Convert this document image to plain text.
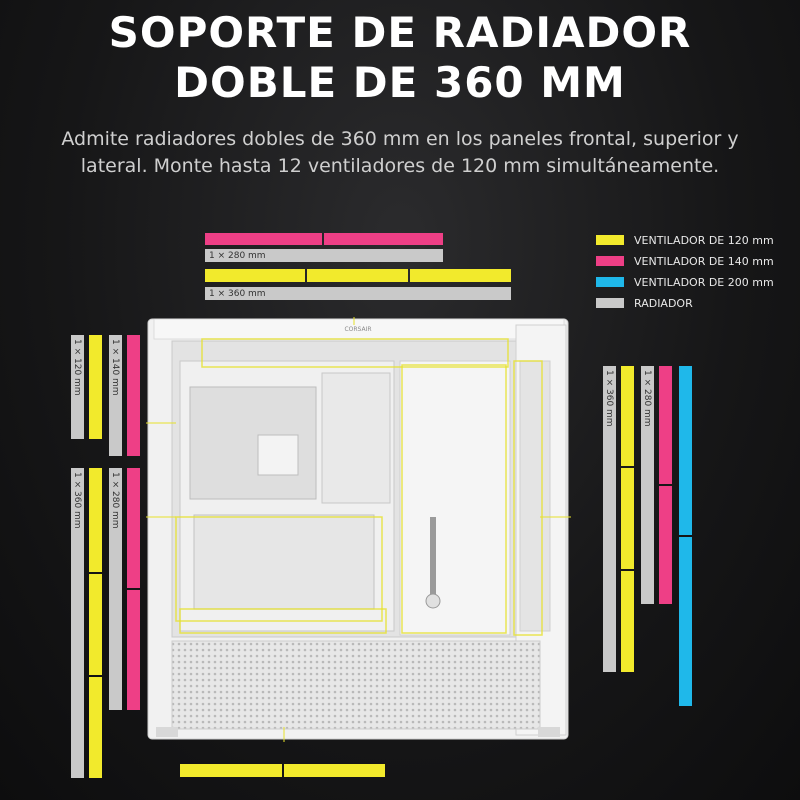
SOPORTE DE RADIADOR
DOBLE DE 360 MM
Admite radiadores dobles de 360 mm en los paneles frontal, superior y lateral. Monte hasta 12 ventiladores de 120 mm simultáneamente.
VENTILADOR DE 120 mm
VENTILADOR DE 140 mm
VENTILADOR DE 200 mm
RADIADOR
1 × 280 mm
1 × 360 mm
1 × 120 mm	1 × 140 mm
1 × 360 mm	1 × 280 mm
1 × 360 mm	1 × 280 mm
CORSAIR
